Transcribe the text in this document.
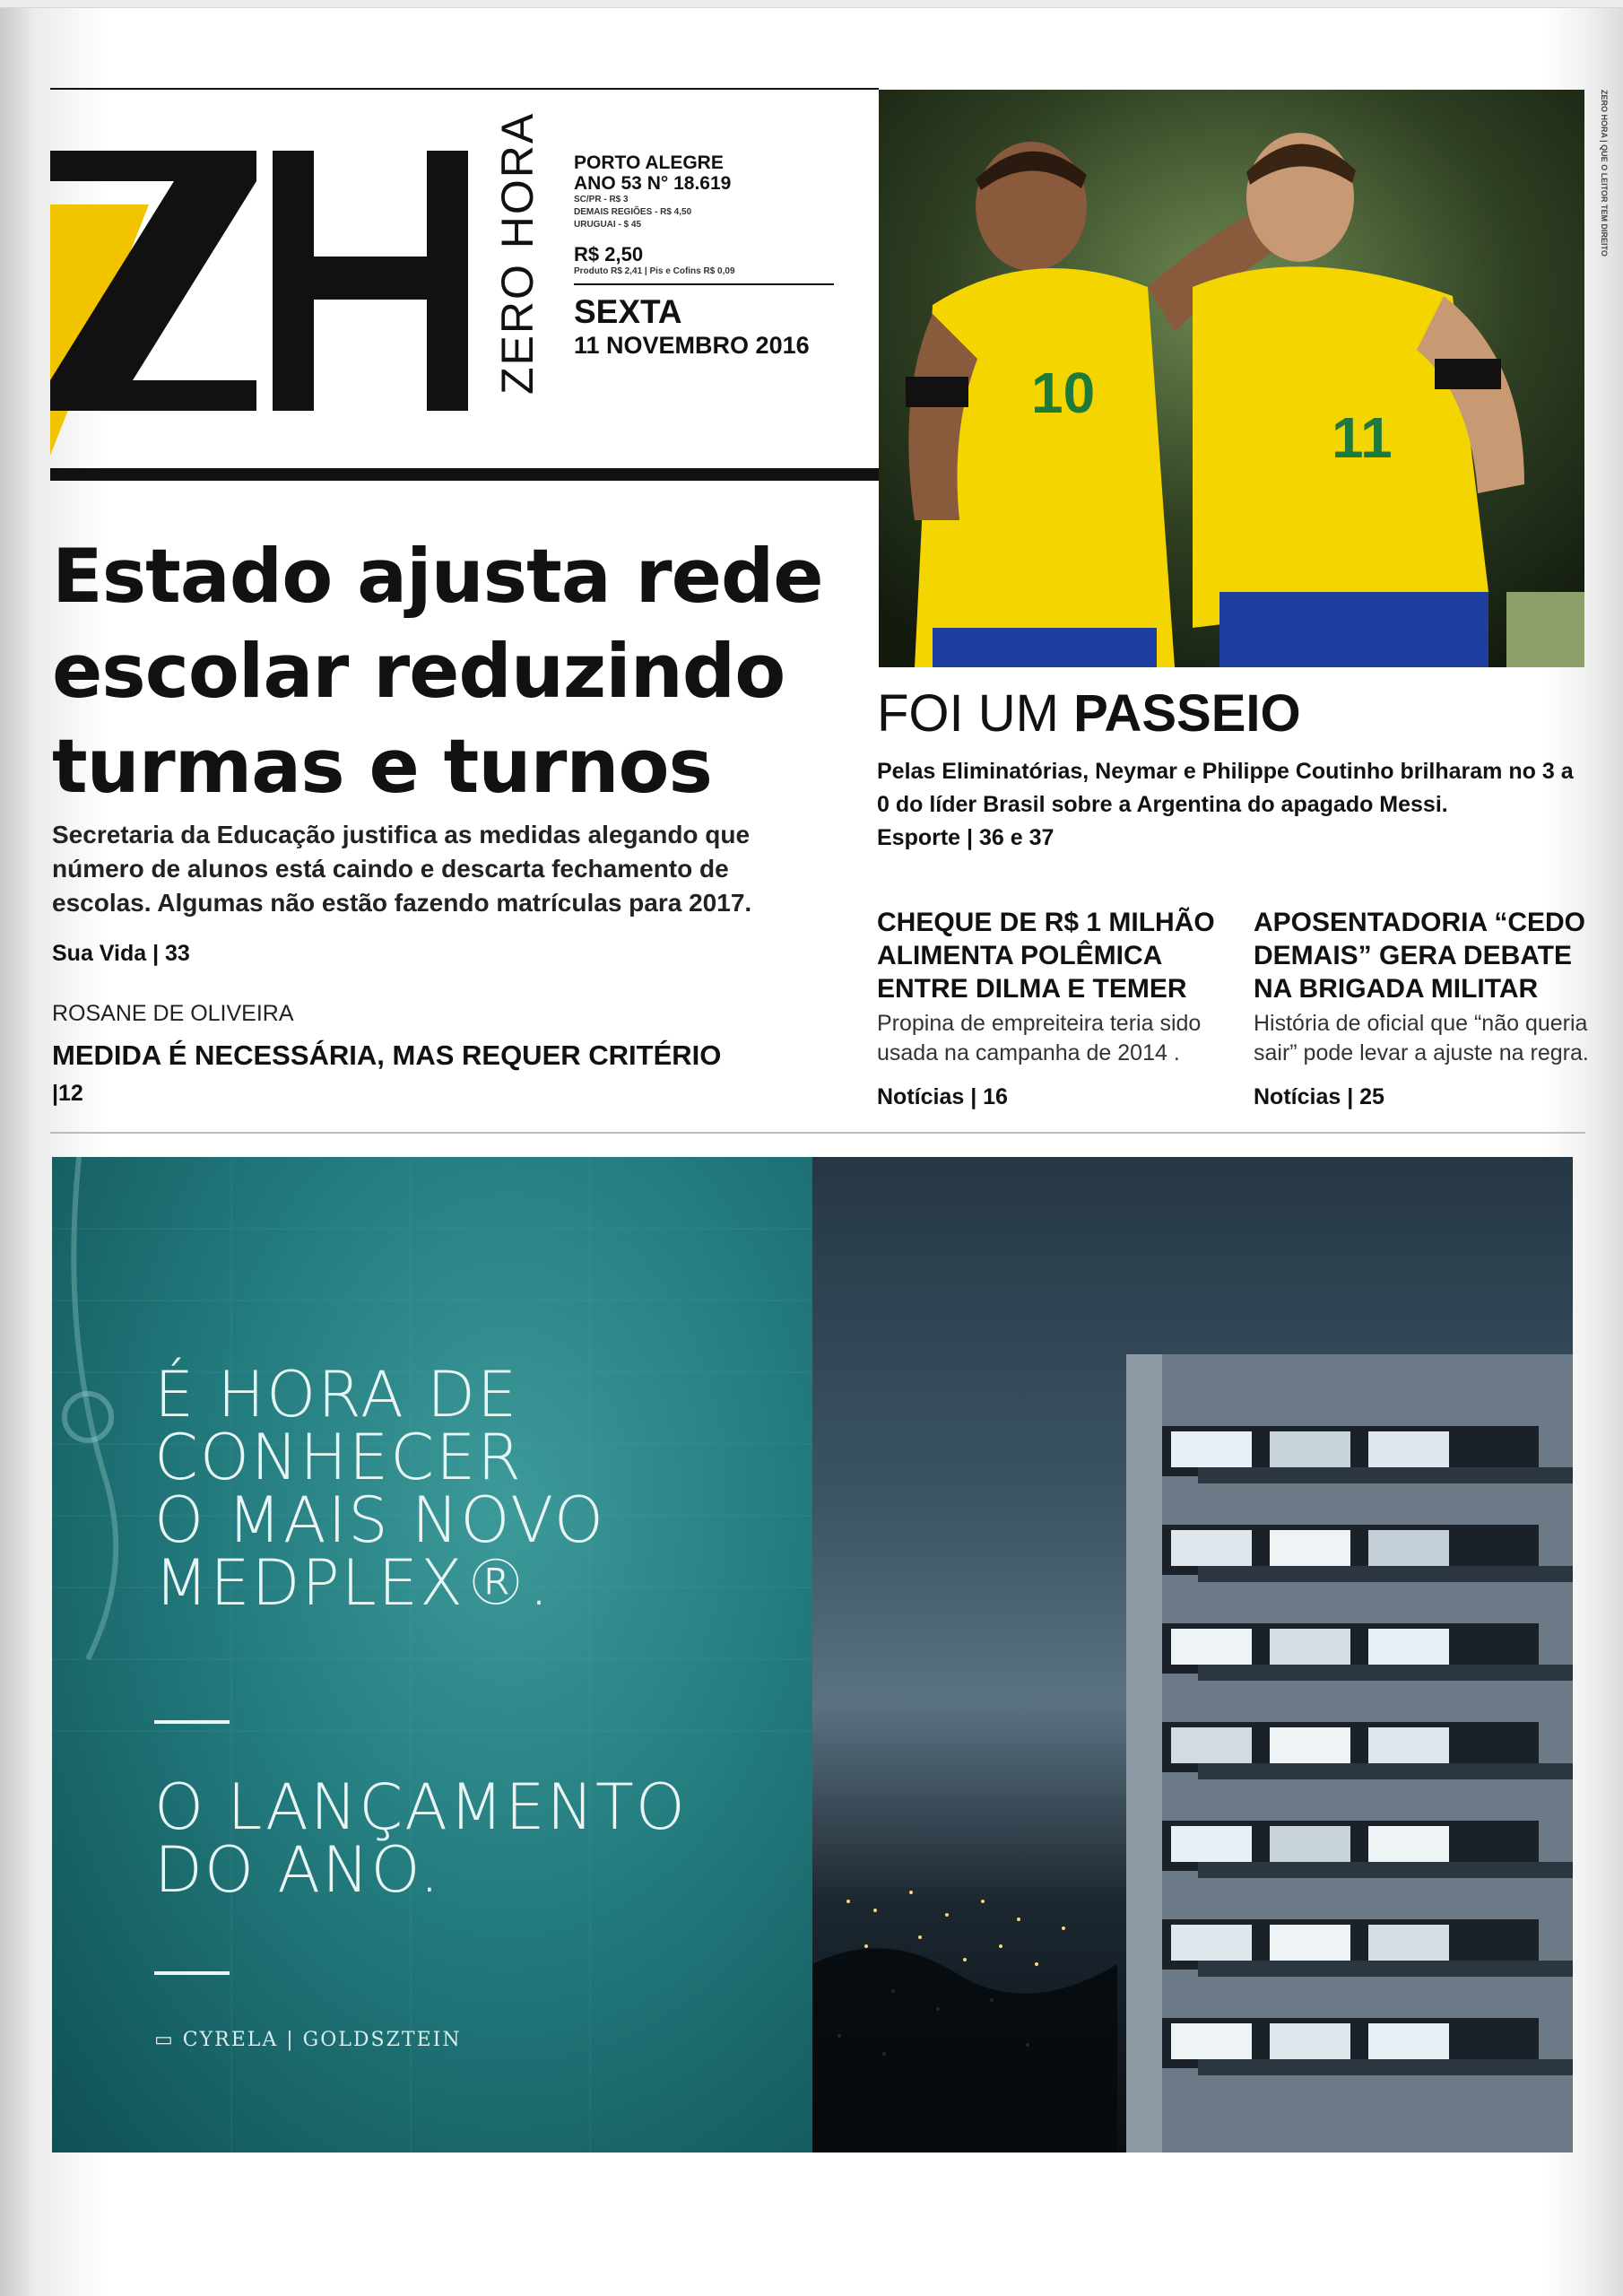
ZERO HORA PORTO ALEGRE
ANO 53 N° 18.619
SC/PR - R$ 3
DEMAIS REGIÕES - R$ 4,50
URUGUAI - $ 45
R$ 2,50
Produto R$ 2,41 | Pis e Cofins R$ 0,09
SEXTA
11 NOVEMBRO 2016
10
11
ZERO HORA | QUE O LEITOR TEM DIREITO
Estado ajusta rede
escolar reduzindo
turmas e turnos
Secretaria da Educação justifica as medidas alegando que número de alunos está caindo e descarta fechamento de escolas. Algumas não estão fazendo matrículas para 2017.
Sua Vida | 33
ROSANE DE OLIVEIRA
MEDIDA É NECESSÁRIA, MAS REQUER CRITÉRIO
|12
FOI UM PASSEIO
Pelas Eliminatórias, Neymar e Philippe Coutinho brilharam no 3 a 0 do líder Brasil sobre a Argentina do apagado Messi.
Esporte | 36 e 37
CHEQUE DE R$ 1 MILHÃO
ALIMENTA POLÊMICA
ENTRE DILMA E TEMER
Propina de empreiteira teria sido usada na campanha de 2014 .
Notícias | 16
APOSENTADORIA “CEDO
DEMAIS” GERA DEBATE
NA BRIGADA MILITAR
História de oficial que “não queria sair” pode levar a ajuste na regra.
Notícias | 25
É HORA DE
CONHECER
O MAIS NOVO
MEDPLEX®.
O LANÇAMENTO
DO ANO.
▭ CYRELA | GOLDSZTEIN
